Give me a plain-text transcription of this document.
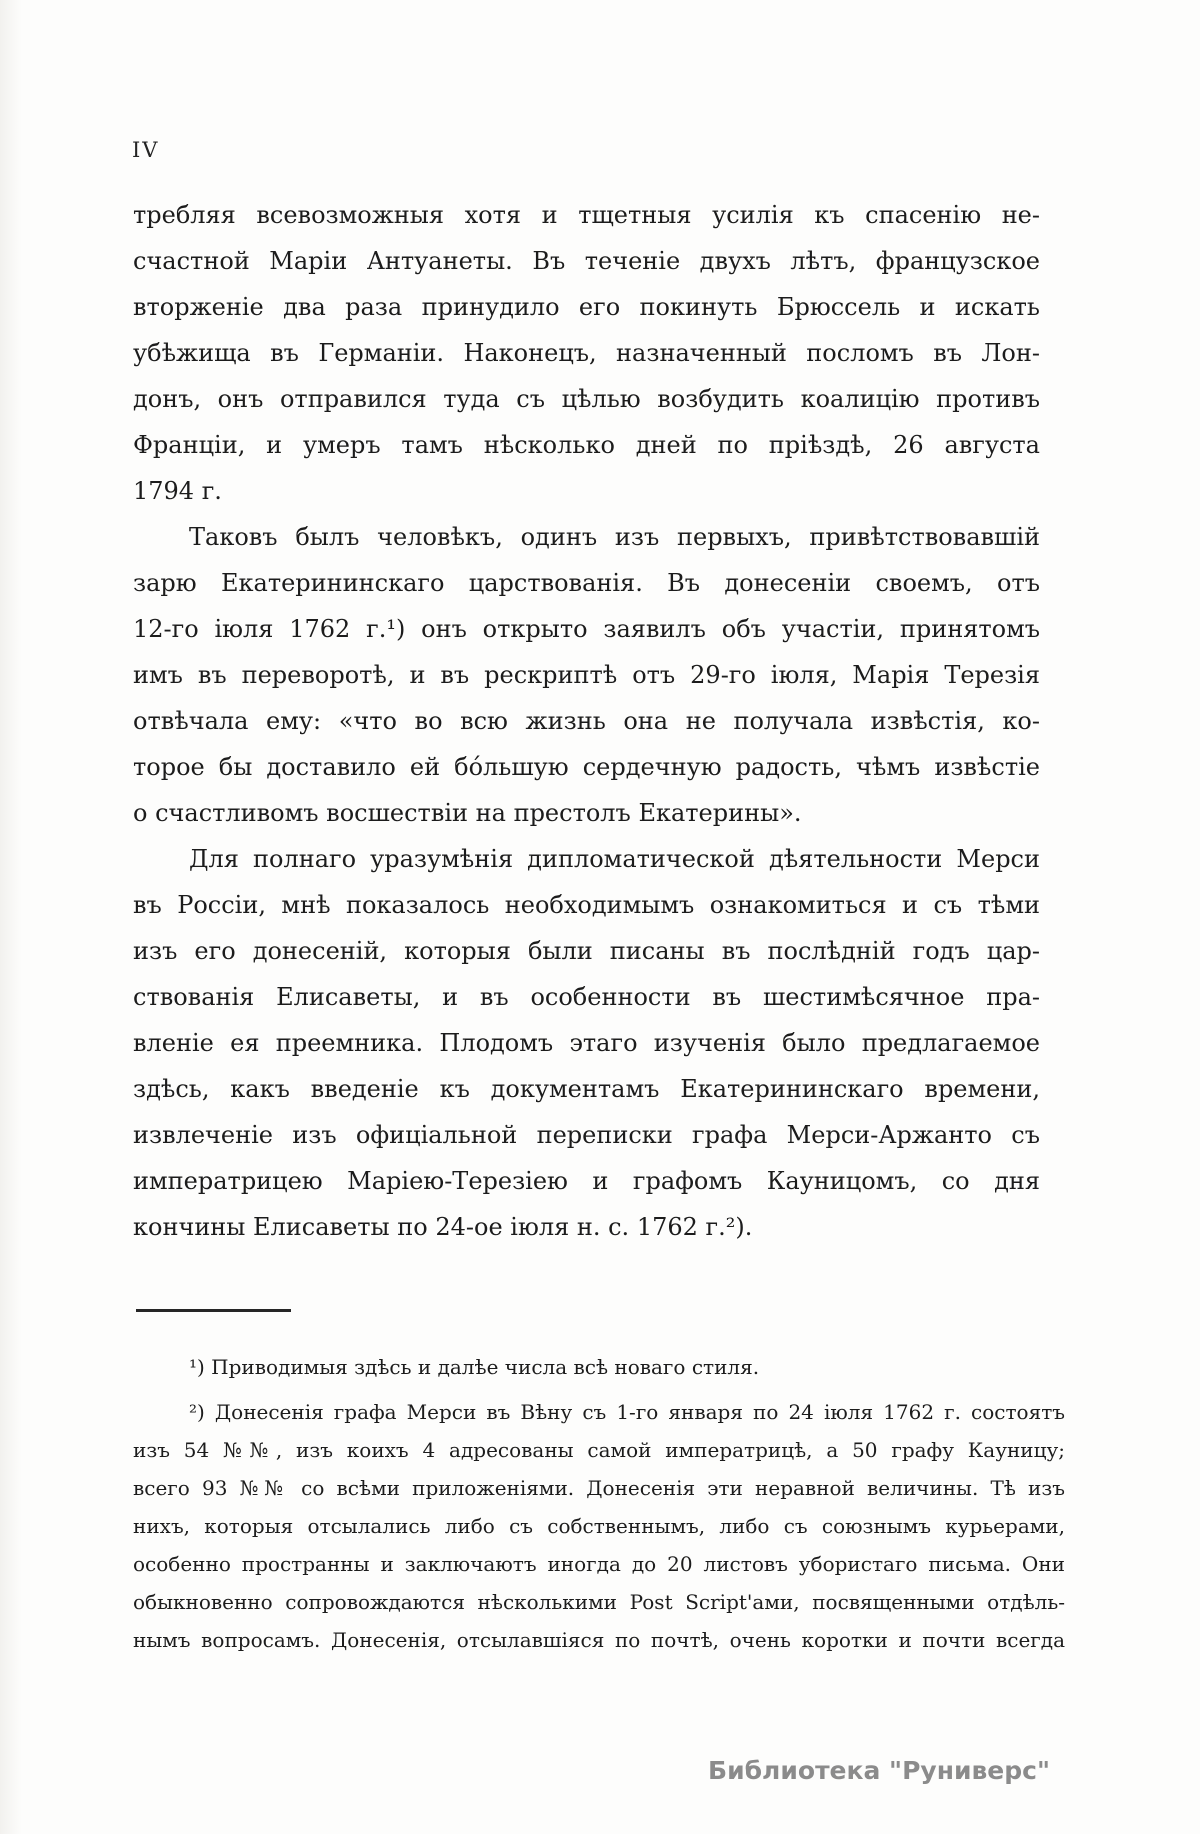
IV
требляя всевозможныя хотя и тщетныя усилія къ спасенію не-
счастной Маріи Антуанеты. Въ теченіе двухъ лѣтъ, французское
вторженіе два раза принудило его покинуть Брюссель и искать
убѣжища въ Германіи. Наконецъ, назначенный посломъ въ Лон-
донъ, онъ отправился туда съ цѣлью возбудить коалицію противъ
Франціи, и умеръ тамъ нѣсколько дней по пріѣздѣ, 26 августа
1794 г.
Таковъ былъ человѣкъ, одинъ изъ первыхъ, привѣтствовавшій
зарю Екатерининскаго царствованія. Въ донесеніи своемъ, отъ
12-го іюля 1762 г.¹) онъ открыто заявилъ объ участіи, принятомъ
имъ въ переворотѣ, и въ рескриптѣ отъ 29-го іюля, Марія Терезія
отвѣчала ему: «что во всю жизнь она не получала извѣстія, ко-
торое бы доставило ей бо́льшую сердечную радость, чѣмъ извѣстіе
о счастливомъ восшествіи на престолъ Екатерины».
Для полнаго уразумѣнія дипломатической дѣятельности Мерси
въ Россіи, мнѣ показалось необходимымъ ознакомиться и съ тѣми
изъ его донесеній, которыя были писаны въ послѣдній годъ цар-
ствованія Елисаветы, и въ особенности въ шестимѣсячное пра-
вленіе ея преемника. Плодомъ этаго изученія было предлагаемое
здѣсь, какъ введеніе къ документамъ Екатерининскаго времени,
извлеченіе изъ офиціальной переписки графа Мерси-Аржанто съ
императрицею Маріею-Терезіею и графомъ Кауницомъ, со дня
кончины Елисаветы по 24-ое іюля н. с. 1762 г.²).
¹) Приводимыя здѣсь и далѣе числа всѣ новаго стиля.
²) Донесенія графа Мерси въ Вѣну съ 1-го января по 24 іюля 1762 г. состоятъ
изъ 54 №№, изъ коихъ 4 адресованы самой императрицѣ, а 50 графу Кауницу;
всего 93 №№ со всѣми приложеніями. Донесенія эти неравной величины. Тѣ изъ
нихъ, которыя отсылались либо съ собственнымъ, либо съ союзнымъ курьерами,
особенно пространны и заключаютъ иногда до 20 листовъ убористаго письма. Они
обыкновенно сопровождаются нѣсколькими Post Script'ами, посвященными отдѣль-
нымъ вопросамъ. Донесенія, отсылавшіяся по почтѣ, очень коротки и почти всегда
Библиотека "Руниверс"
